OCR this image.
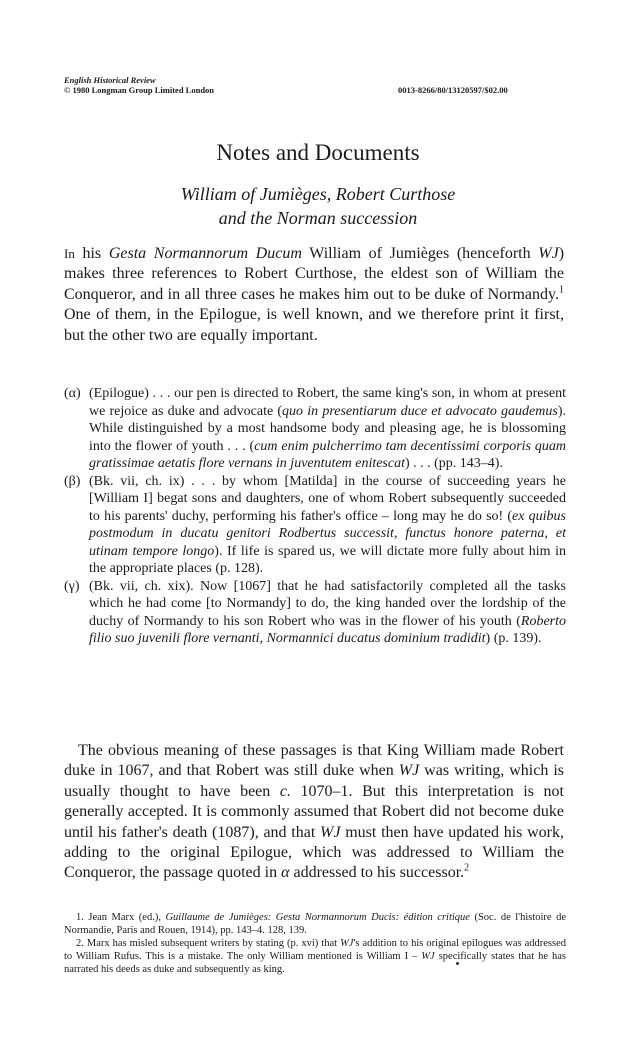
English Historical Review
© 1980 Longman Group Limited London	0013-8266/80/13120597/$02.00
Notes and Documents
William of Jumièges, Robert Curthose
and the Norman succession
In his Gesta Normannorum Ducum William of Jumièges (henceforth WJ) makes three references to Robert Curthose, the eldest son of William the Conqueror, and in all three cases he makes him out to be duke of Normandy.$^1$ One of them, in the Epilogue, is well known, and we therefore print it first, but the other two are equally important.
(α) (Epilogue) . . . our pen is directed to Robert, the same king's son, in whom at present we rejoice as duke and advocate (quo in presentiarum duce et advocato gaudemus). While distinguished by a most handsome body and pleasing age, he is blossoming into the flower of youth . . . (cum enim pulcherrimo tam decentissimi corporis quam gratissimae aetatis flore vernans in juventutem enitescat) . . . (pp. 143–4).
(β) (Bk. vii, ch. ix) . . . by whom [Matilda] in the course of succeeding years he [William I] begat sons and daughters, one of whom Robert subsequently succeeded to his parents' duchy, performing his father's office – long may he do so! (ex quibus postmodum in ducatu genitori Rodbertus successit, functus honore paterna, et utinam tempore longo). If life is spared us, we will dictate more fully about him in the appropriate places (p. 128).
(γ) (Bk. vii, ch. xix). Now [1067] that he had satisfactorily completed all the tasks which he had come [to Normandy] to do, the king handed over the lordship of the duchy of Normandy to his son Robert who was in the flower of his youth (Roberto filio suo juvenili flore vernanti, Normannici ducatus dominium tradidit) (p. 139).
The obvious meaning of these passages is that King William made Robert duke in 1067, and that Robert was still duke when WJ was writing, which is usually thought to have been c. 1070–1. But this interpretation is not generally accepted. It is commonly assumed that Robert did not become duke until his father's death (1087), and that WJ must then have updated his work, adding to the original Epilogue, which was addressed to William the Conqueror, the passage quoted in α addressed to his successor.$^2$
1. Jean Marx (ed.), Guillaume de Jumièges: Gesta Normannorum Ducis: édition critique (Soc. de l'histoire de Normandie, Paris and Rouen, 1914), pp. 143–4. 128, 139.
2. Marx has misled subsequent writers by stating (p. xvi) that WJ's addition to his original epilogues was addressed to William Rufus. This is a mistake. The only William mentioned is William I – WJ specifically states that he has narrated his deeds as duke and subsequently as king.
